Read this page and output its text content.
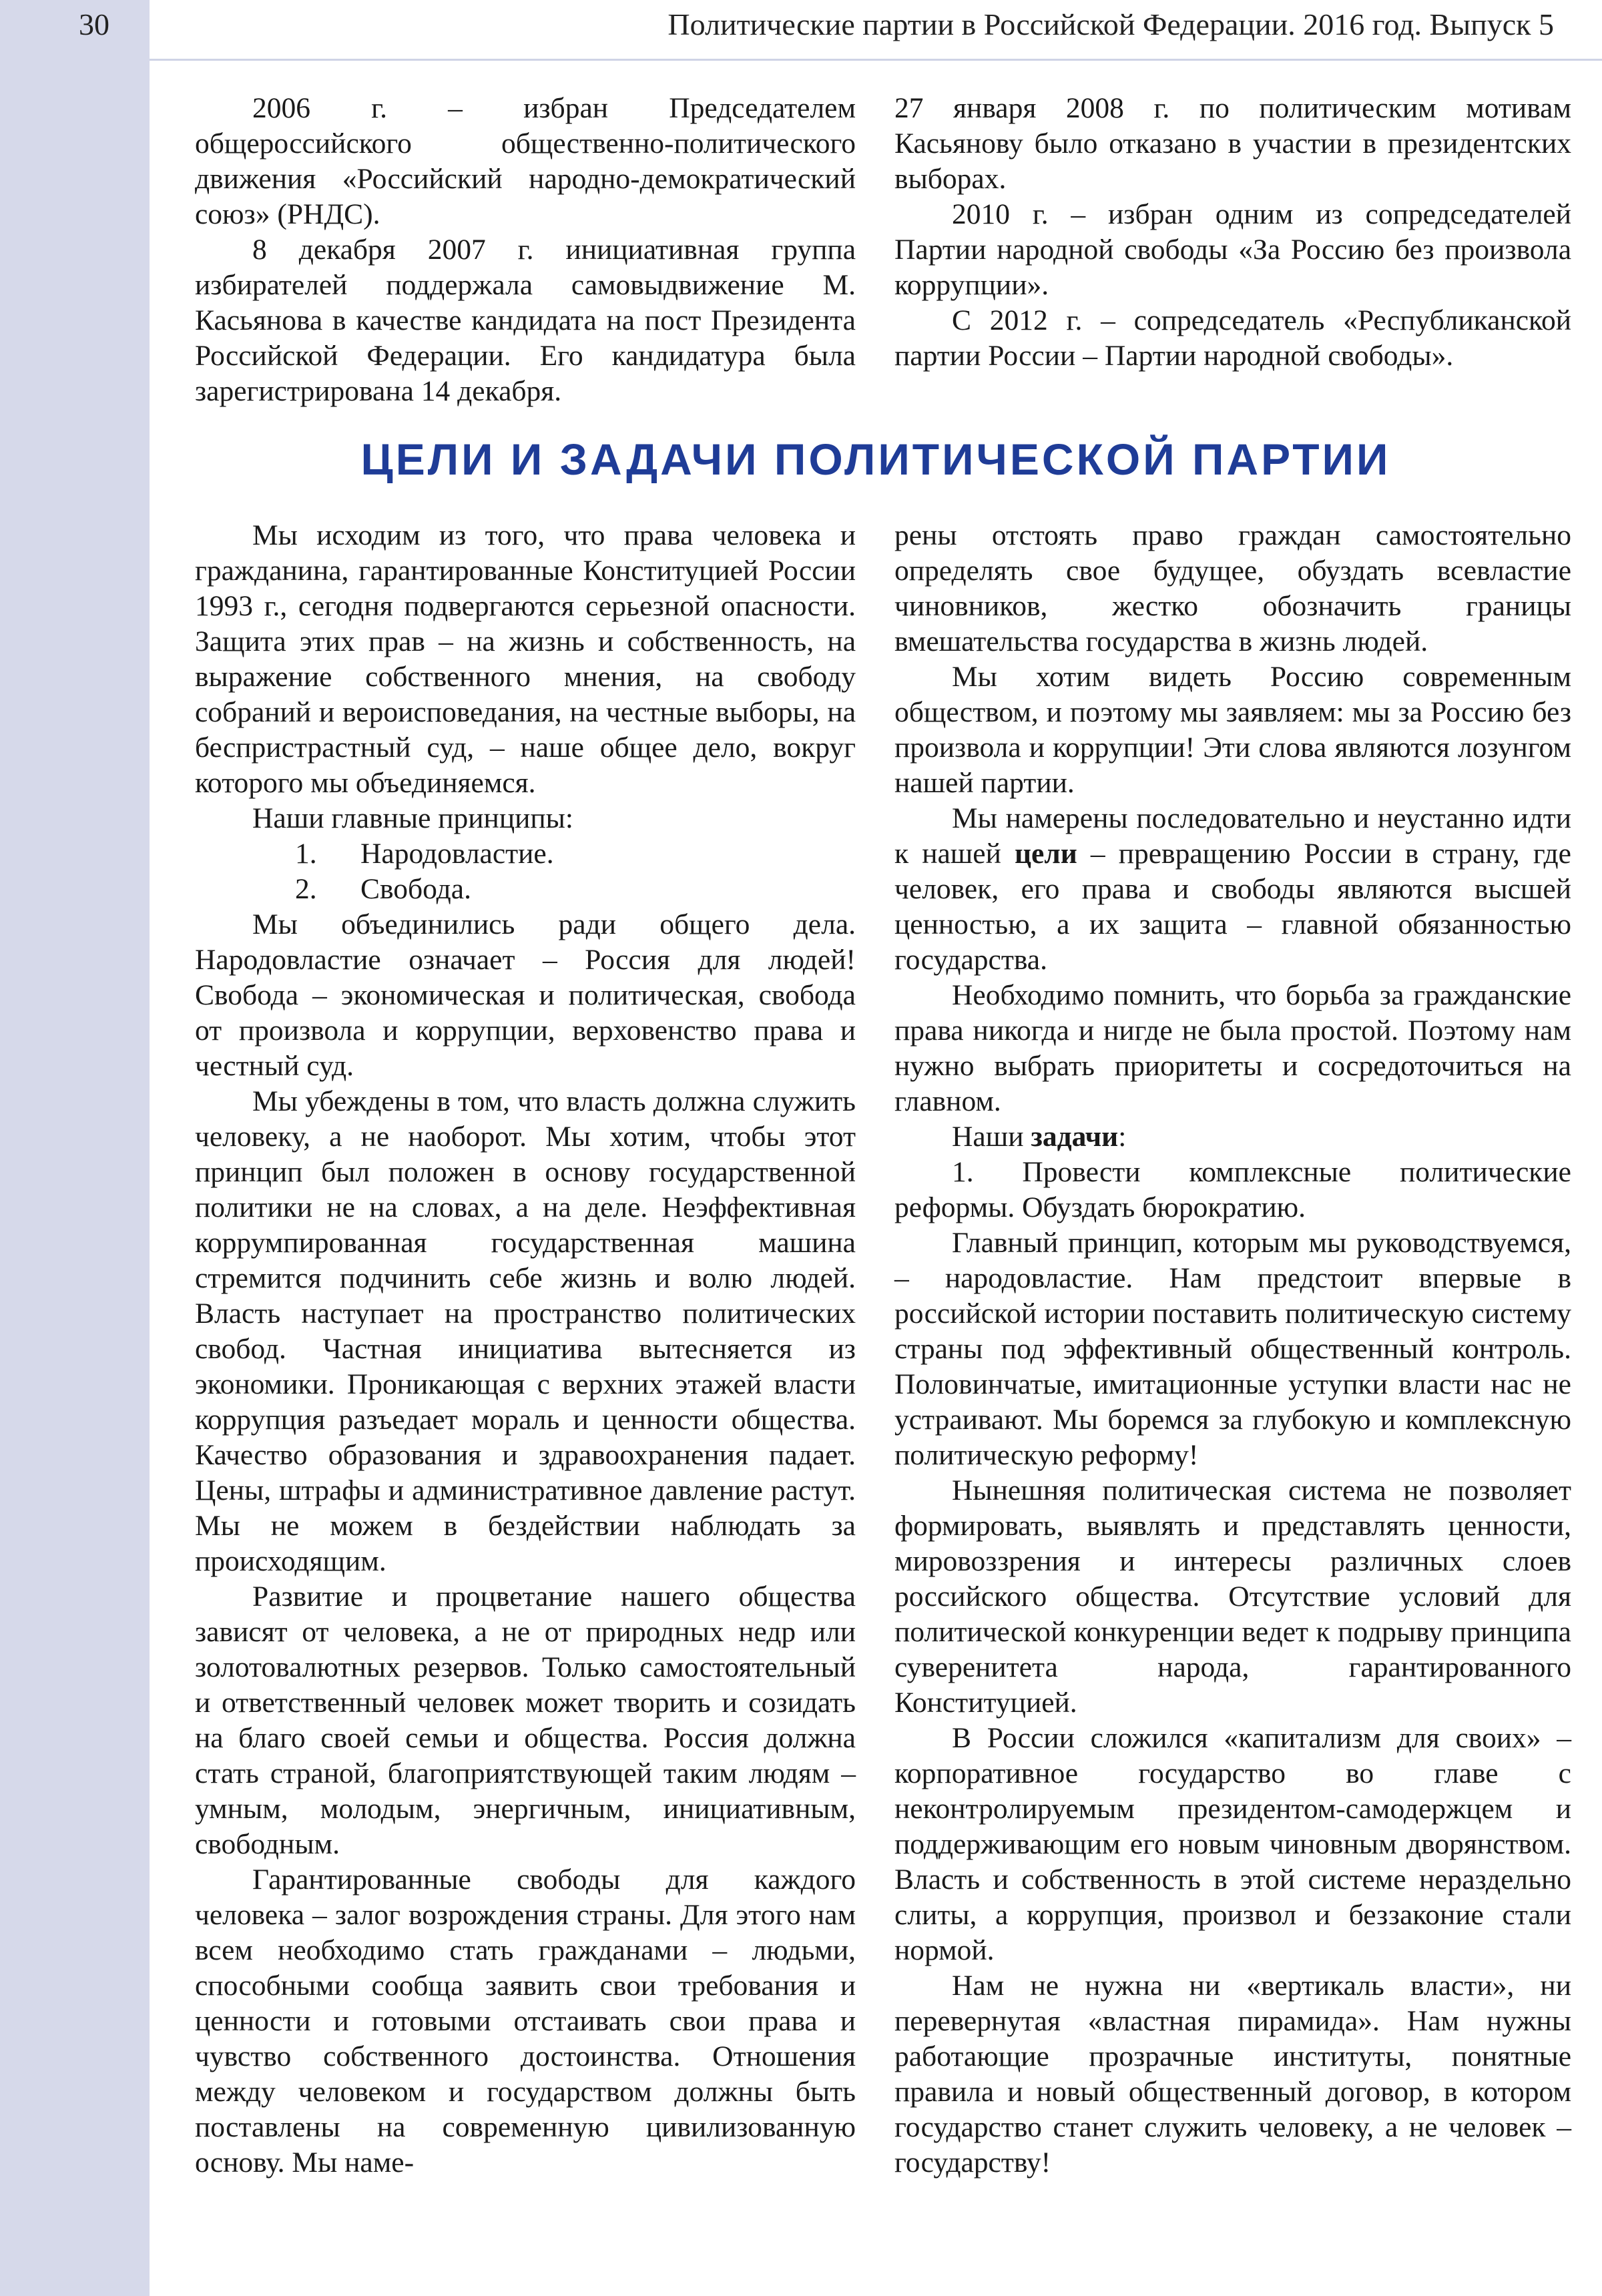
30	Политические партии в Российской Федерации. 2016 год. Выпуск 5

2006 г. – избран Председателем общероссийского общественно-политического движения «Российский народно-демократический союз» (РНДС).

8 декабря 2007 г. инициативная группа избирателей поддержала самовыдвижение М. Касьянова в качестве кандидата на пост Президента Российской Федерации. Его кандидатура была зарегистрирована 14 декабря.

27 января 2008 г. по политическим мотивам Касьянову было отказано в участии в президентских выборах.

2010 г. – избран одним из сопредседателей Партии народной свободы «За Россию без произвола коррупции».

С 2012 г. – сопредседатель «Республиканской партии России – Партии народной свободы».

ЦЕЛИ И ЗАДАЧИ ПОЛИТИЧЕСКОЙ ПАРТИИ

Мы исходим из того, что права человека и гражданина, гарантированные Конституцией России 1993 г., сегодня подвергаются серьезной опасности. Защита этих прав – на жизнь и собственность, на выражение собственного мнения, на свободу собраний и вероисповедания, на честные выборы, на беспристрастный суд, – наше общее дело, вокруг которого мы объединяемся.

Наши главные принципы:

1. Народовластие.

2. Свобода.

Мы объединились ради общего дела. Народовластие означает – Россия для людей! Свобода – экономическая и политическая, свобода от произвола и коррупции, верховенство права и честный суд.

Мы убеждены в том, что власть должна служить человеку, а не наоборот. Мы хотим, чтобы этот принцип был положен в основу государственной политики не на словах, а на деле. Неэффективная коррумпированная государственная машина стремится подчинить себе жизнь и волю людей. Власть наступает на пространство политических свобод. Частная инициатива вытесняется из экономики. Проникающая с верхних этажей власти коррупция разъедает мораль и ценности общества. Качество образования и здравоохранения падает. Цены, штрафы и административное давление растут. Мы не можем в бездействии наблюдать за происходящим.

Развитие и процветание нашего общества зависят от человека, а не от природных недр или золотовалютных резервов. Только самостоятельный и ответственный человек может творить и созидать на благо своей семьи и общества. Россия должна стать страной, благоприятствующей таким людям – умным, молодым, энергичным, инициативным, свободным.

Гарантированные свободы для каждого человека – залог возрождения страны. Для этого нам всем необходимо стать гражданами – людьми, способными сообща заявить свои требования и ценности и готовыми отстаивать свои права и чувство собственного достоинства. Отношения между человеком и государством должны быть поставлены на современную цивилизованную основу. Мы наме-

рены отстоять право граждан самостоятельно определять свое будущее, обуздать всевластие чиновников, жестко обозначить границы вмешательства государства в жизнь людей.

Мы хотим видеть Россию современным обществом, и поэтому мы заявляем: мы за Россию без произвола и коррупции! Эти слова являются лозунгом нашей партии.

Мы намерены последовательно и неустанно идти к нашей цели – превращению России в страну, где человек, его права и свободы являются высшей ценностью, а их защита – главной обязанностью государства.

Необходимо помнить, что борьба за гражданские права никогда и нигде не была простой. Поэтому нам нужно выбрать приоритеты и сосредоточиться на главном.

Наши задачи:

1. Провести комплексные политические реформы. Обуздать бюрократию.

Главный принцип, которым мы руководствуемся, – народовластие. Нам предстоит впервые в российской истории поставить политическую систему страны под эффективный общественный контроль. Половинчатые, имитационные уступки власти нас не устраивают. Мы боремся за глубокую и комплексную политическую реформу!

Нынешняя политическая система не позволяет формировать, выявлять и представлять ценности, мировоззрения и интересы различных слоев российского общества. Отсутствие условий для политической конкуренции ведет к подрыву принципа суверенитета народа, гарантированного Конституцией.

В России сложился «капитализм для своих» – корпоративное государство во главе с неконтролируемым президентом-самодержцем и поддерживающим его новым чиновным дворянством. Власть и собственность в этой системе нераздельно слиты, а коррупция, произвол и беззаконие стали нормой.

Нам не нужна ни «вертикаль власти», ни перевернутая «властная пирамида». Нам нужны работающие прозрачные институты, понятные правила и новый общественный договор, в котором государство станет служить человеку, а не человек – государству!
